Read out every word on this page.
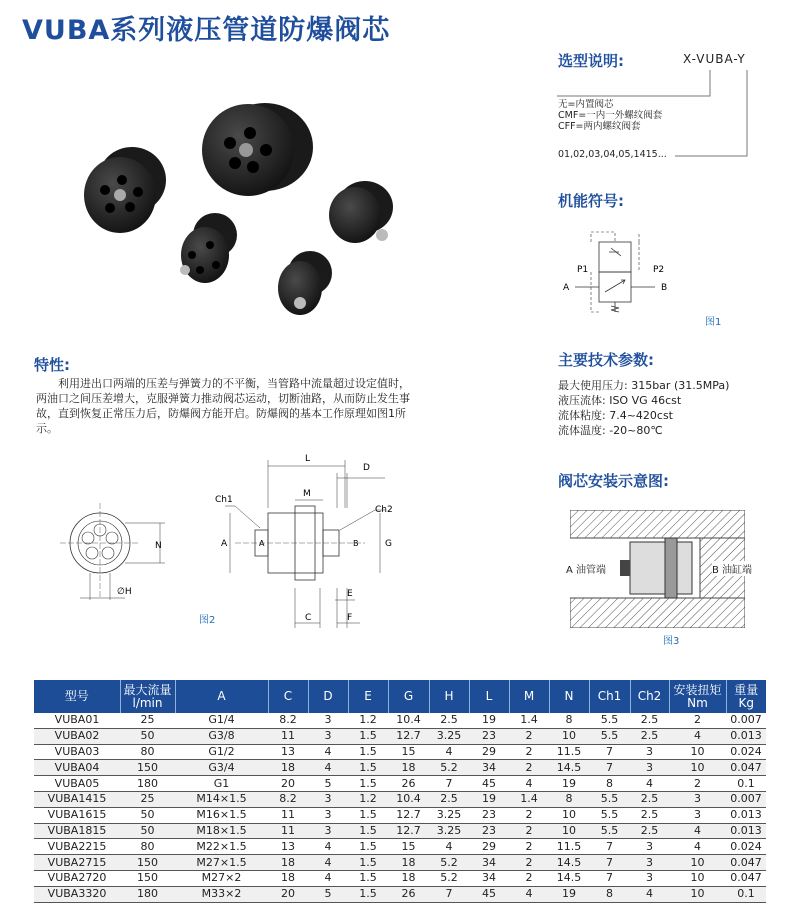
VUBA系列液压管道防爆阀芯
选型说明:	X-VUBA-Y
无=内置阀芯
CMF=一内一外螺纹阀套
CFF=两内螺纹阀套
01,02,03,04,05,1415...
机能符号:
P1	P2
A	B
图1
特性:
利用进出口两端的压差与弹簧力的不平衡，当管路中流量超过设定值时，两油口之间压差增大，克服弹簧力推动阀芯运动，切断油路，从而防止发生事故，直到恢复正常压力后，防爆阀方能开启。防爆阀的基本工作原理如图1所示。
主要技术参数:
最大使用压力: 315bar (31.5MPa)
液压流体: ISO VG 46cst
流体粘度: 7.4~420cst
流体温度: -20~80℃
阀芯安装示意图:
A 油管端	B 油缸端
图3
N
∅H
L
D
M
Ch1
Ch2
A	A	B	G
C
E
F
图2
型号	最大流量 l/min	A	C	D	E	G	H	L	M	N	Ch1	Ch2	安装扭矩 Nm	重量 Kg
VUBA01	25	G1/4	8.2	3	1.2	10.4	2.5	19	1.4	8	5.5	2.5	2	0.007
VUBA02	50	G3/8	11	3	1.5	12.7	3.25	23	2	10	5.5	2.5	4	0.013
VUBA03	80	G1/2	13	4	1.5	15	4	29	2	11.5	7	3	10	0.024
VUBA04	150	G3/4	18	4	1.5	18	5.2	34	2	14.5	7	3	10	0.047
VUBA05	180	G1	20	5	1.5	26	7	45	4	19	8	4	2	0.1
VUBA1415	25	M14×1.5	8.2	3	1.2	10.4	2.5	19	1.4	8	5.5	2.5	3	0.007
VUBA1615	50	M16×1.5	11	3	1.5	12.7	3.25	23	2	10	5.5	2.5	3	0.013
VUBA1815	50	M18×1.5	11	3	1.5	12.7	3.25	23	2	10	5.5	2.5	4	0.013
VUBA2215	80	M22×1.5	13	4	1.5	15	4	29	2	11.5	7	3	4	0.024
VUBA2715	150	M27×1.5	18	4	1.5	18	5.2	34	2	14.5	7	3	10	0.047
VUBA2720	150	M27×2	18	4	1.5	18	5.2	34	2	14.5	7	3	10	0.047
VUBA3320	180	M33×2	20	5	1.5	26	7	45	4	19	8	4	10	0.1
